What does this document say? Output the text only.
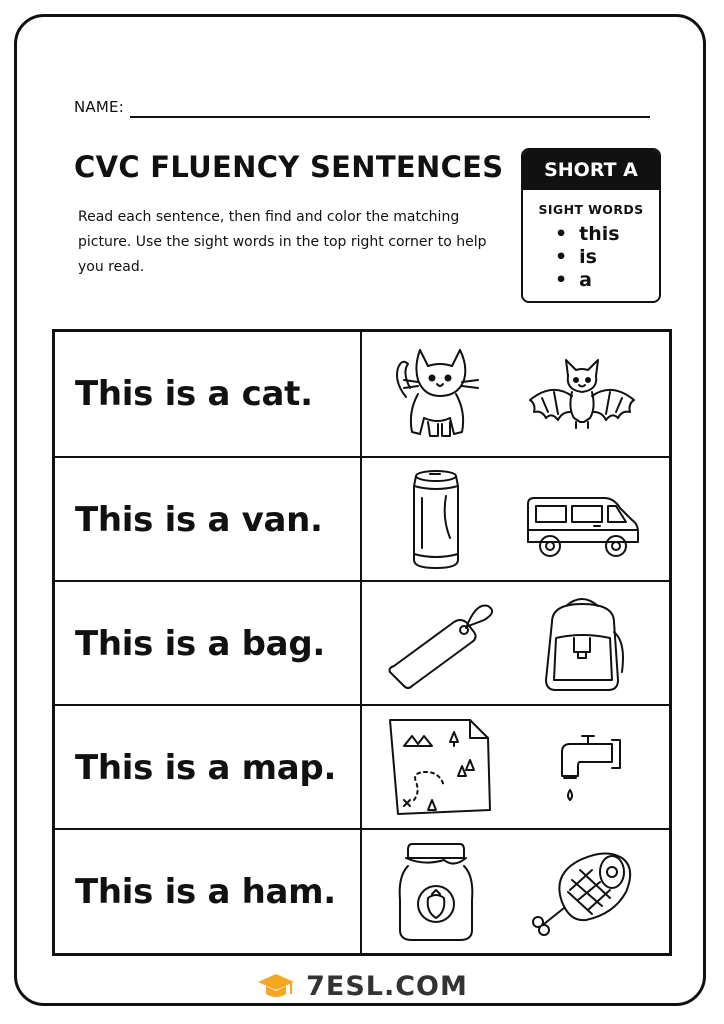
NAME:
CVC FLUENCY SENTENCES

Read each sentence, then find and color the matching picture. Use the sight words in the top right corner to help you read.

SHORT A
SIGHT WORDS
• this
• is
• a
This is a cat.
This is a van.
This is a bag.
This is a map.
This is a ham.
7ESL.COM
